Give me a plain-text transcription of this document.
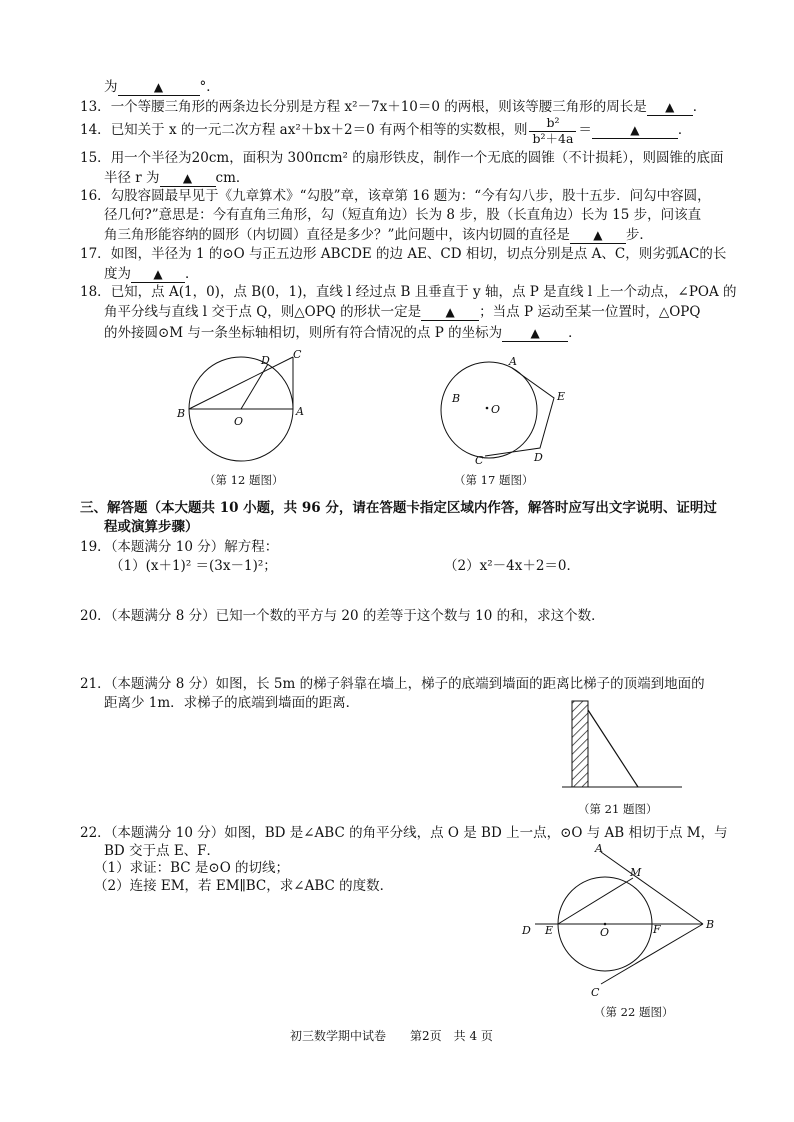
为	▲	°．
13．一个等腰三角形的两条边长分别是方程 x²－7x＋10＝0 的两根，则该等腰三角形的周长是 ▲ ．
14． 已知关于 x 的一元二次方程 ax²＋bx＋2＝0 有两个相等的实数根，则 $\frac{\text{b²}}{\text{b²＋4a}}$ ＝	▲	．
15．用一个半径为20cm，面积为 300πcm² 的扇形铁皮，制作一个无底的圆锥（不计损耗），则圆锥的底面
半径 r 为 ▲ cm．
16．勾股容圆最早见于《九章算术》“勾股”章，该章第 16 题为：“今有勾八步，股十五步．问勾中容圆，
径几何?”意思是：今有直角三角形，勾（短直角边）长为 8 步，股（长直角边）长为 15 步，问该直
角三角形能容纳的圆形（内切圆）直径是多少？”此问题中，该内切圆的直径是 ▲ 步．
17．如图，半径为 1 的⊙O 与正五边形 ABCDE 的边 AE、CD 相切，切点分别是点 A、C，则劣弧AC的长
度为 ▲ ．
18．已知，点 A(1，0)，点 B(0，1)，直线 l 经过点 B 且垂直于 y 轴，点 P 是直线 l 上一个动点，∠POA 的
角平分线与直线 l 交于点 Q，则△OPQ 的形状一定是 ▲ ；当点 P 运动至某一位置时，△OPQ
的外接圆⊙M 与一条坐标轴相切，则所有符合情况的点 P 的坐标为 ▲ ．
B
O
A
D C
（第 12 题图）
A
B
O
E
C	D
（第 17 题图）
三、解答题（本大题共 10 小题，共 96 分，请在答题卡指定区域内作答，解答时应写出文字说明、证明过
程或演算步骤）
19．（本题满分 10 分）解方程：
（1）(x＋1)² ＝(3x－1)²；	（2）x²－4x＋2＝0．
20．（本题满分 8 分）已知一个数的平方与 20 的差等于这个数与 10 的和，求这个数．
21．（本题满分 8 分）如图，长 5m 的梯子斜靠在墙上，梯子的底端到墙面的距离比梯子的顶端到地面的
距离少 1m．求梯子的底端到墙面的距离．
（第 21 题图）
22．（本题满分 10 分）如图，BD 是∠ABC 的角平分线，点 O 是 BD 上一点，⊙O 与 AB 相切于点 M，与
BD 交于点 E、F．
（1）求证：BC 是⊙O 的切线；
（2）连接 EM，若 EM∥BC，求∠ABC 的度数．
A
M
D E	O	F	B
C
（第 22 题图）
初三数学期中试卷　　第2页　共 4 页
